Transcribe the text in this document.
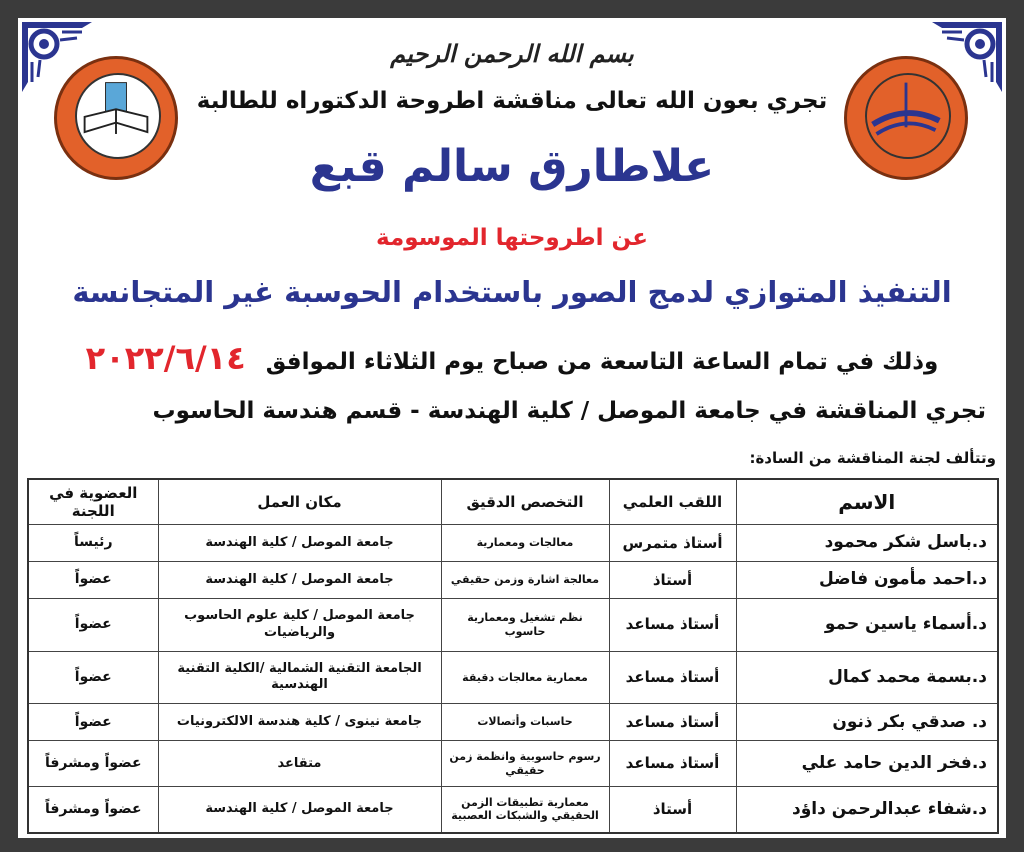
بسم الله الرحمن الرحيم
تجري بعون الله تعالى مناقشة اطروحة الدكتوراه للطالبة
علاطارق سالم قبع
عن اطروحتها الموسومة
التنفيذ المتوازي لدمج الصور باستخدام الحوسبة غير المتجانسة
وذلك في تمام الساعة التاسعة من صباح يوم الثلاثاء الموافق ٢٠٢٢/٦/١٤
تجري المناقشة في جامعة الموصل / كلية الهندسة - قسم هندسة الحاسوب
وتتألف لجنة المناقشة من السادة:
الاسم	اللقب العلمي	التخصص الدقيق	مكان العمل	العضوية في اللجنة
د.باسل شكر محمود	أستاذ متمرس	معالجات ومعمارية	جامعة الموصل / كلية الهندسة	رئيساً
د.احمد مأمون فاضل	أستاذ	معالجة اشارة وزمن حقيقي	جامعة الموصل / كلية الهندسة	عضواً
د.أسماء ياسين حمو	أستاذ مساعد	نظم تشغيل ومعمارية حاسوب	جامعة الموصل / كلية علوم الحاسوب والرياضيات	عضواً
د.بسمة محمد كمال	أستاذ مساعد	معمارية معالجات دقيقة	الجامعة التقنية الشمالية /الكلية التقنية الهندسية	عضواً
د. صدقي بكر ذنون	أستاذ مساعد	حاسبات وأتصالات	جامعة نينوى / كلية هندسة الالكترونيات	عضواً
د.فخر الدين حامد علي	أستاذ مساعد	رسوم حاسوبية وانظمة زمن حقيقي	متقاعد	عضواً ومشرفاً
د.شفاء عبدالرحمن داؤد	أستاذ	معمارية تطبيقات الزمن الحقيقي والشبكات العصبية	جامعة الموصل / كلية الهندسة	عضواً ومشرفاً
